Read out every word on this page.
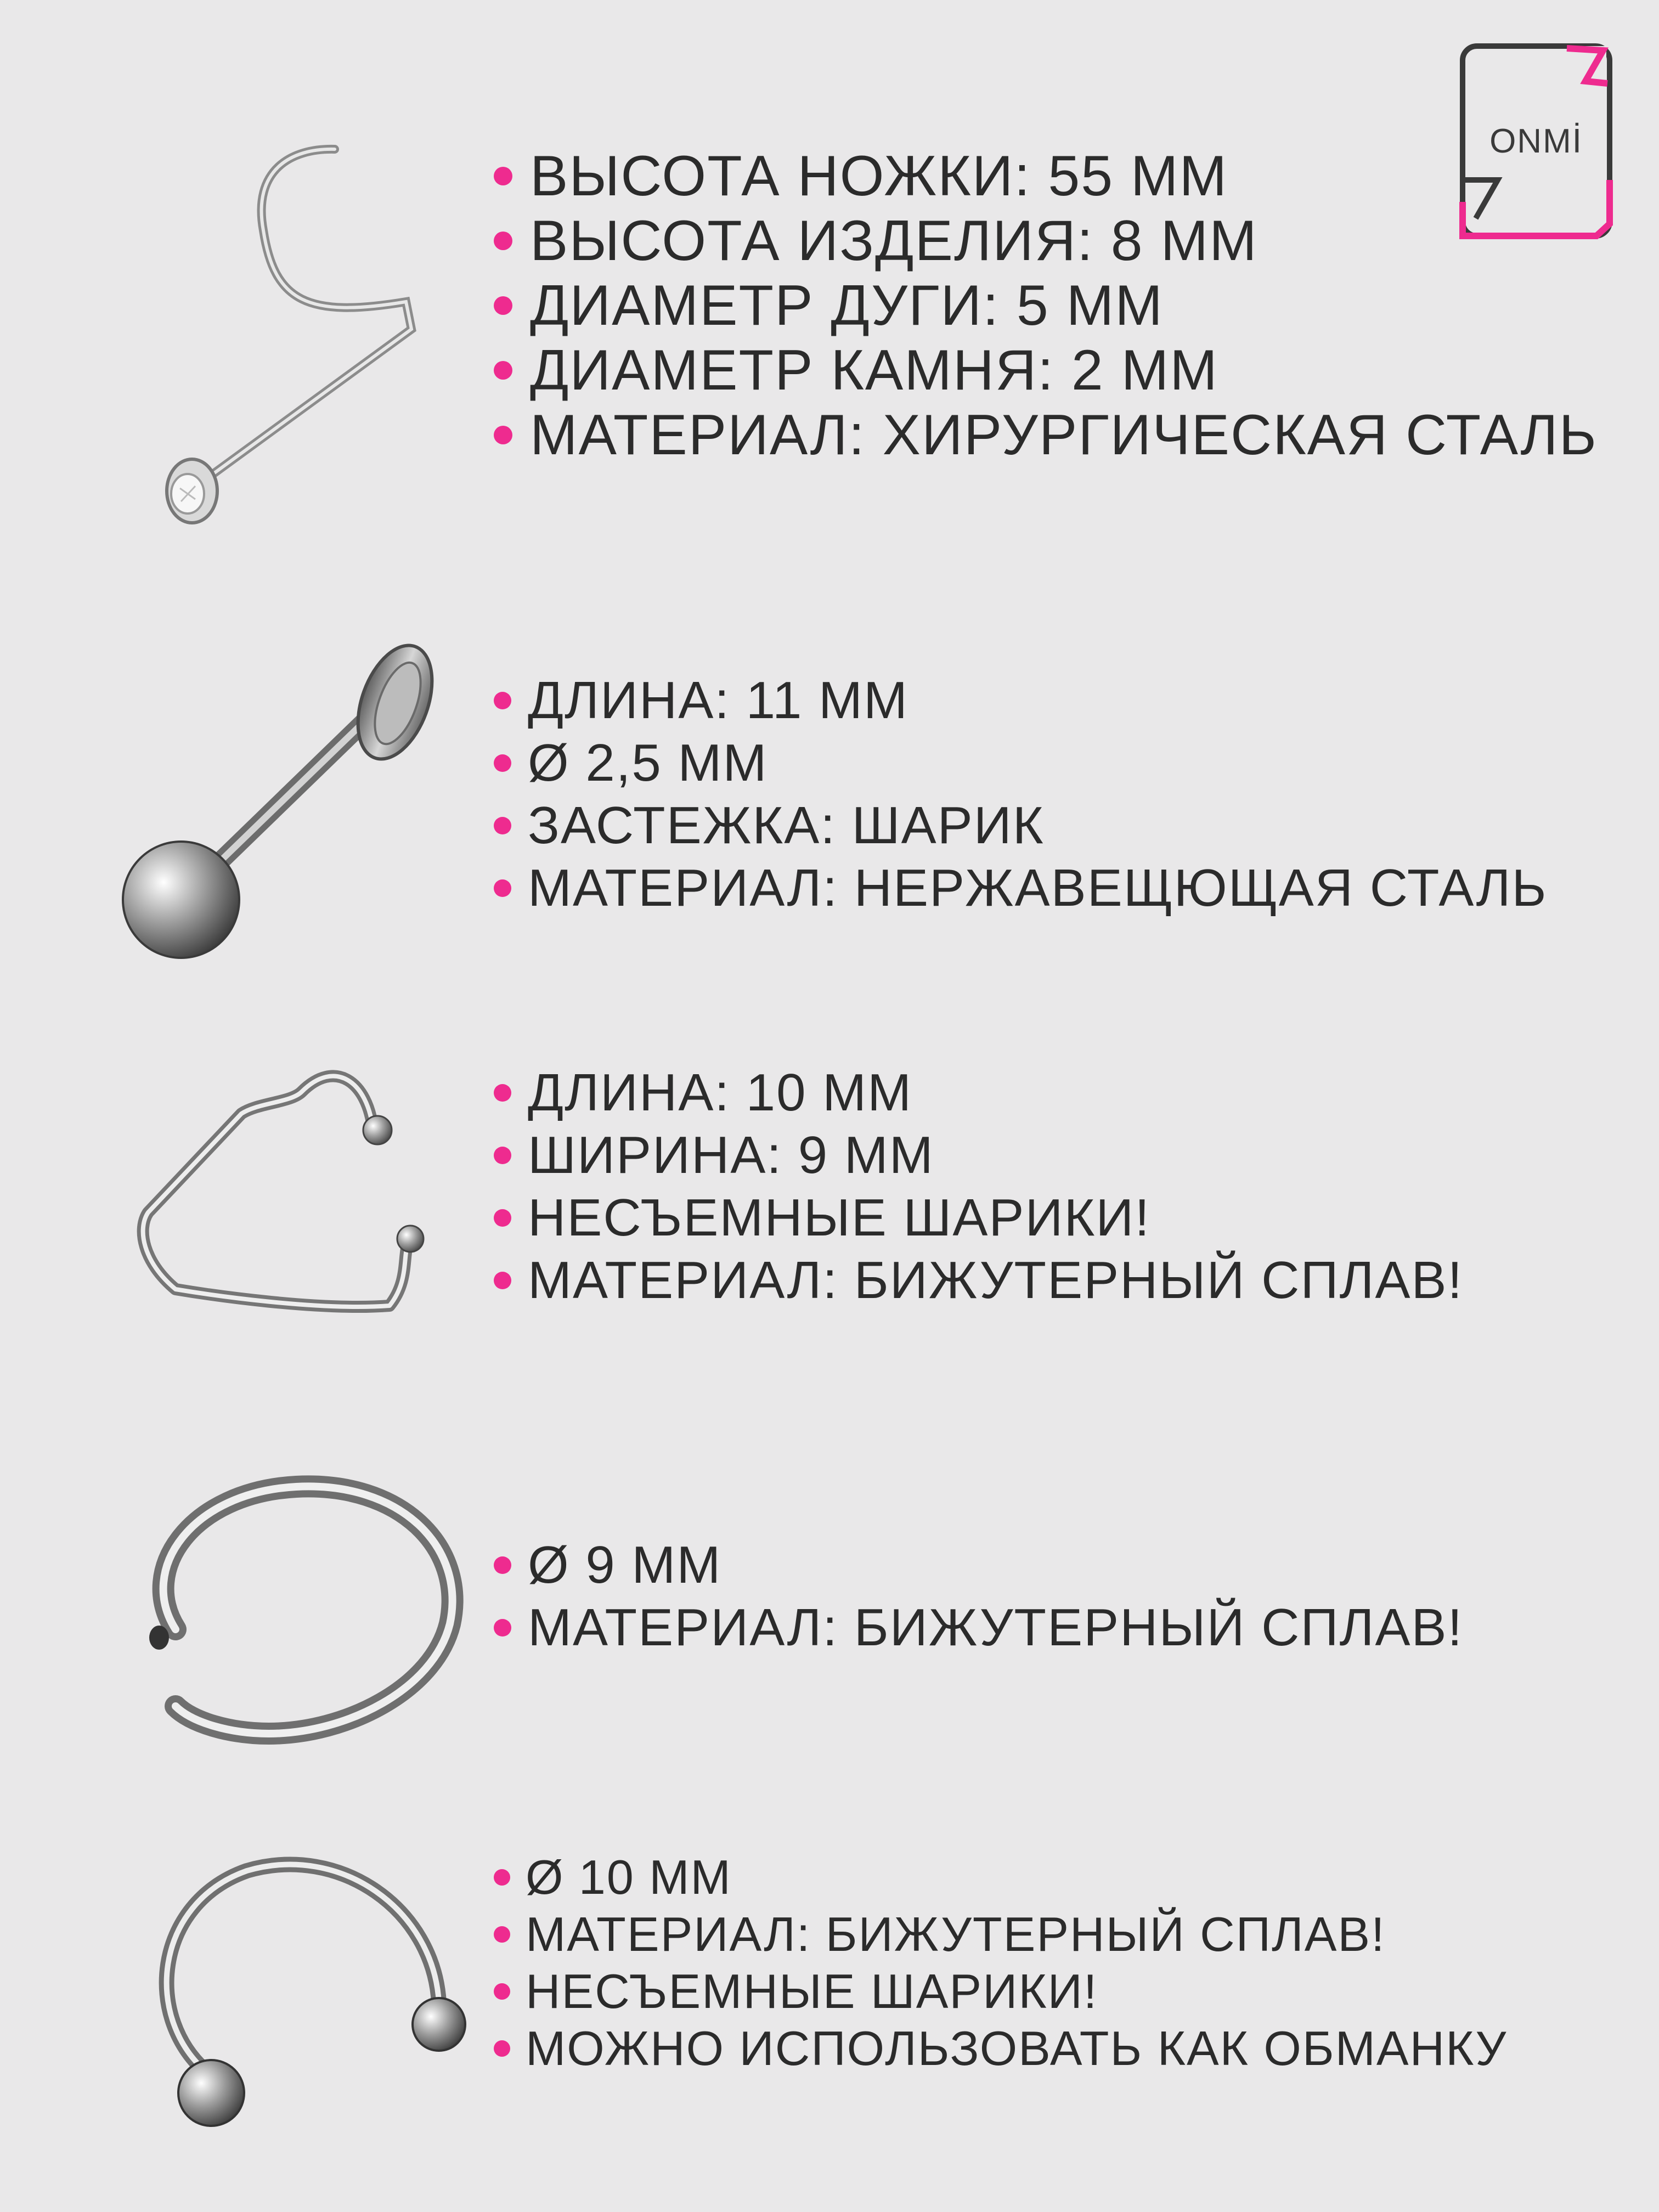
ONMİ
ВЫСОТА НОЖКИ: 55 ММ
ВЫСОТА ИЗДЕЛИЯ: 8 ММ
ДИАМЕТР ДУГИ: 5 ММ
ДИАМЕТР КАМНЯ: 2 ММ
МАТЕРИАЛ: ХИРУРГИЧЕСКАЯ СТАЛЬ
ДЛИНА: 11 ММ
Ø 2,5 ММ
ЗАСТЕЖКА: ШАРИК
МАТЕРИАЛ: НЕРЖАВЕЩЮЩАЯ СТАЛЬ
ДЛИНА: 10 ММ
ШИРИНА: 9 ММ
НЕСЪЕМНЫЕ ШАРИКИ!
МАТЕРИАЛ: БИЖУТЕРНЫЙ СПЛАВ!
Ø 9 ММ
МАТЕРИАЛ: БИЖУТЕРНЫЙ СПЛАВ!
Ø 10 ММ
МАТЕРИАЛ: БИЖУТЕРНЫЙ СПЛАВ!
НЕСЪЕМНЫЕ ШАРИКИ!
МОЖНО ИСПОЛЬЗОВАТЬ КАК ОБМАНКУ
